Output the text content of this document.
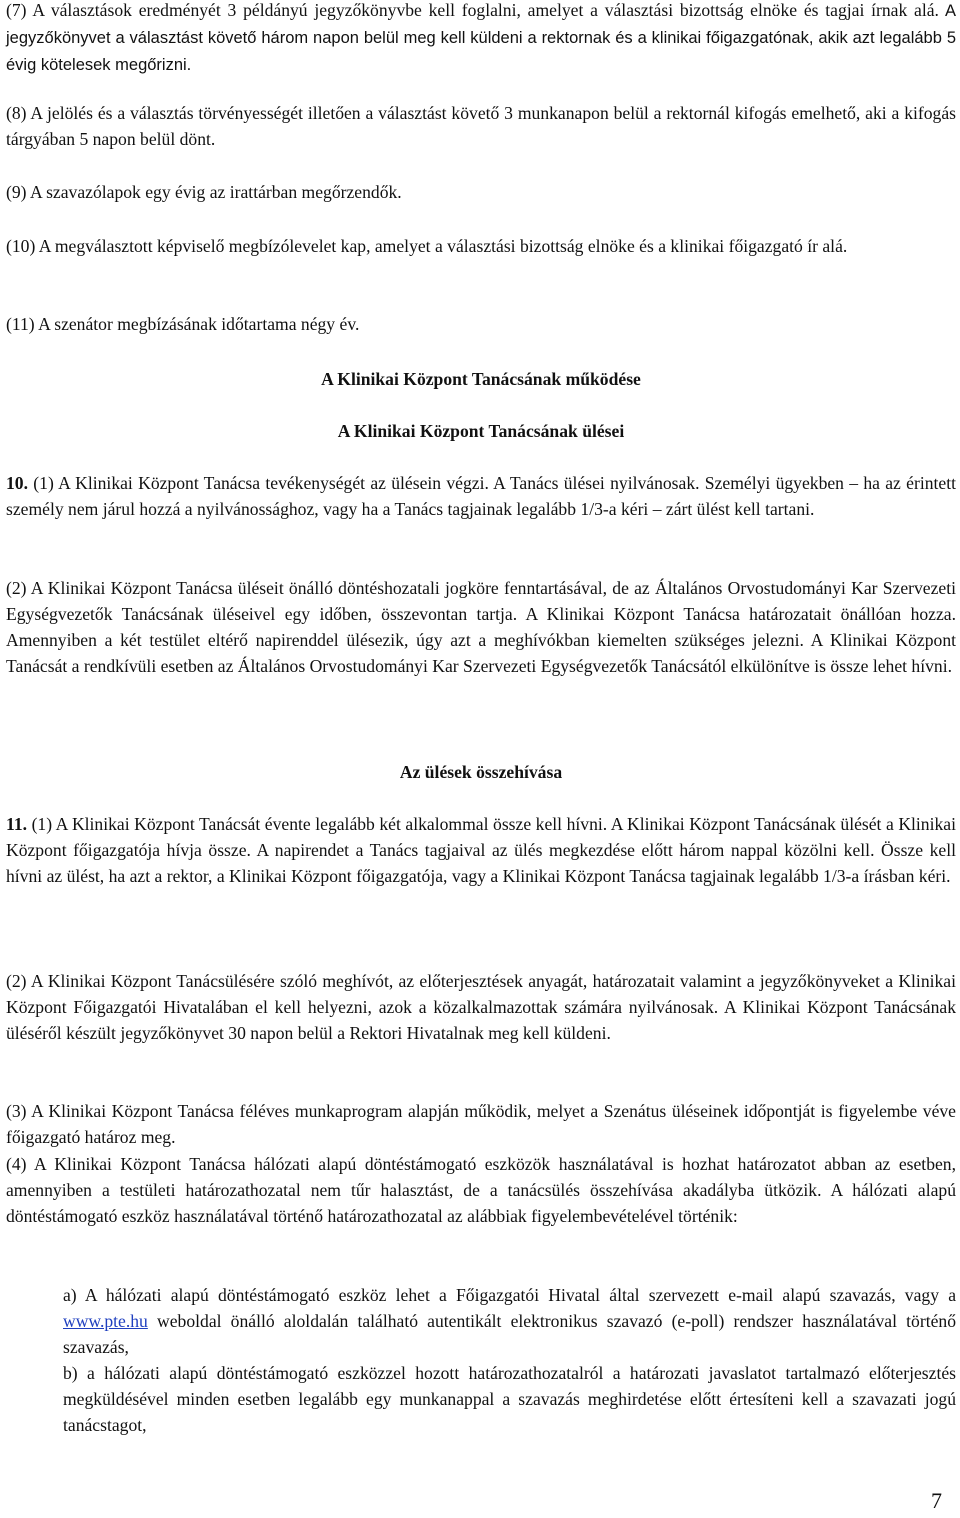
(7) A választások eredményét 3 példányú jegyzőkönyvbe kell foglalni, amelyet a választási bizottság elnöke és tagjai írnak alá. A jegyzőkönyvet a választást követő három napon belül meg kell küldeni a rektornak és a klinikai főigazgatónak, akik azt legalább 5 évig kötelesek megőrizni.

(8) A jelölés és a választás törvényességét illetően a választást követő 3 munkanapon belül a rektornál kifogás emelhető, aki a kifogás tárgyában 5 napon belül dönt.

(9) A szavazólapok egy évig az irattárban megőrzendők.

(10) A megválasztott képviselő megbízólevelet kap, amelyet a választási bizottság elnöke és a klinikai főigazgató ír alá.

(11) A szenátor megbízásának időtartama négy év.

A Klinikai Központ Tanácsának működése
A Klinikai Központ Tanácsának ülései

10. (1) A Klinikai Központ Tanácsa tevékenységét az ülésein végzi. A Tanács ülései nyilvánosak. Személyi ügyekben – ha az érintett személy nem járul hozzá a nyilvánossághoz, vagy ha a Tanács tagjainak legalább 1/3-a kéri – zárt ülést kell tartani.

(2) A Klinikai Központ Tanácsa üléseit önálló döntéshozatali jogköre fenntartásával, de az Általános Orvostudományi Kar Szervezeti Egységvezetők Tanácsának üléseivel egy időben, összevontan tartja. A Klinikai Központ Tanácsa határozatait önállóan hozza. Amennyiben a két testület eltérő napirenddel ülésezik, úgy azt a meghívókban kiemelten szükséges jelezni. A Klinikai Központ Tanácsát a rendkívüli esetben az Általános Orvostudományi Kar Szervezeti Egységvezetők Tanácsától elkülönítve is össze lehet hívni.

Az ülések összehívása

11. (1) A Klinikai Központ Tanácsát évente legalább két alkalommal össze kell hívni. A Klinikai Központ Tanácsának ülését a Klinikai Központ főigazgatója hívja össze. A napirendet a Tanács tagjaival az ülés megkezdése előtt három nappal közölni kell. Össze kell hívni az ülést, ha azt a rektor, a Klinikai Központ főigazgatója, vagy a Klinikai Központ Tanácsa tagjainak legalább 1/3-a írásban kéri.

(2) A Klinikai Központ Tanácsülésére szóló meghívót, az előterjesztések anyagát, határozatait valamint a jegyzőkönyveket a Klinikai Központ Főigazgatói Hivatalában el kell helyezni, azok a közalkalmazottak számára nyilvánosak. A Klinikai Központ Tanácsának üléséről készült jegyzőkönyvet 30 napon belül a Rektori Hivatalnak meg kell küldeni.

(3) A Klinikai Központ Tanácsa féléves munkaprogram alapján működik, melyet a Szenátus üléseinek időpontját is figyelembe véve főigazgató határoz meg.

(4) A Klinikai Központ Tanácsa hálózati alapú döntéstámogató eszközök használatával is hozhat határozatot abban az esetben, amennyiben a testületi határozathozatal nem tűr halasztást, de a tanácsülés összehívása akadályba ütközik. A hálózati alapú döntéstámogató eszköz használatával történő határozathozatal az alábbiak figyelembevételével történik:

a) A hálózati alapú döntéstámogató eszköz lehet a Főigazgatói Hivatal által szervezett e-mail alapú szavazás, vagy a www.pte.hu weboldal önálló aloldalán található autentikált elektronikus szavazó (e-poll) rendszer használatával történő szavazás,

b) a hálózati alapú döntéstámogató eszközzel hozott határozathozatalról a határozati javaslatot tartalmazó előterjesztés megküldésével minden esetben legalább egy munkanappal a szavazás meghirdetése előtt értesíteni kell a szavazati jogú tanácstagot,

7
